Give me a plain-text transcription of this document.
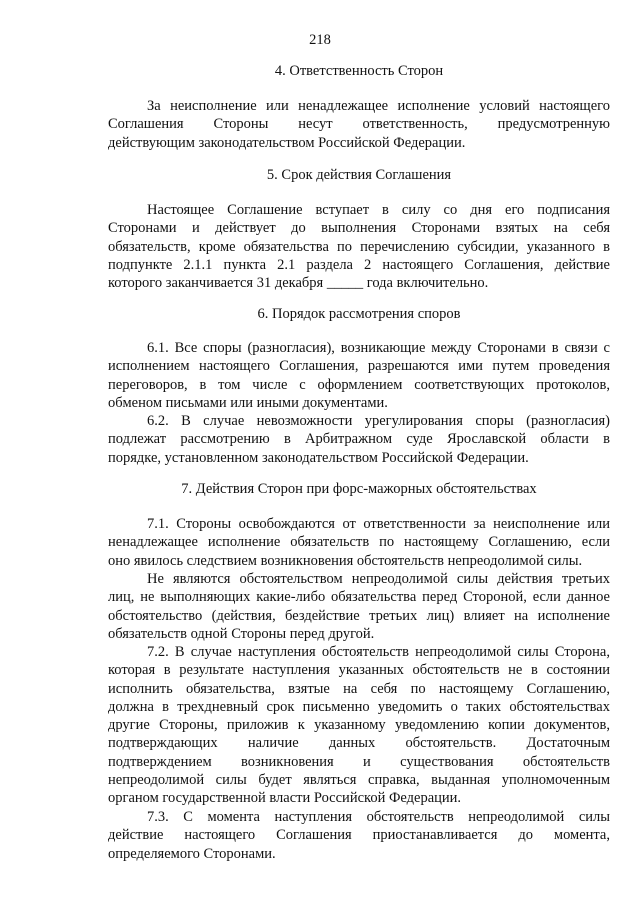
218
4. Ответственность Сторон
За неисполнение или ненадлежащее исполнение условий настоящего
Соглашения Стороны несут ответственность, предусмотренную
действующим законодательством Российской Федерации.
5. Срок действия Соглашения
Настоящее Соглашение вступает в силу со дня его подписания
Сторонами и действует до выполнения Сторонами взятых на себя
обязательств, кроме обязательства по перечислению субсидии, указанного в
подпункте 2.1.1 пункта 2.1 раздела 2 настоящего Соглашения, действие
которого заканчивается 31 декабря _____ года включительно.
6. Порядок рассмотрения споров
6.1. Все споры (разногласия), возникающие между Сторонами в связи с
исполнением настоящего Соглашения, разрешаются ими путем проведения
переговоров, в том числе с оформлением соответствующих протоколов,
обменом письмами или иными документами.
6.2. В случае невозможности урегулирования споры (разногласия)
подлежат рассмотрению в Арбитражном суде Ярославской области в
порядке, установленном законодательством Российской Федерации.
7. Действия Сторон при форс-мажорных обстоятельствах
7.1. Стороны освобождаются от ответственности за неисполнение или
ненадлежащее исполнение обязательств по настоящему Соглашению, если
оно явилось следствием возникновения обстоятельств непреодолимой силы.
Не являются обстоятельством непреодолимой силы действия третьих
лиц, не выполняющих какие-либо обязательства перед Стороной, если данное
обстоятельство (действия, бездействие третьих лиц) влияет на исполнение
обязательств одной Стороны перед другой.
7.2. В случае наступления обстоятельств непреодолимой силы Сторона,
которая в результате наступления указанных обстоятельств не в состоянии
исполнить обязательства, взятые на себя по настоящему Соглашению,
должна в трехдневный срок письменно уведомить о таких обстоятельствах
другие Стороны, приложив к указанному уведомлению копии документов,
подтверждающих наличие данных обстоятельств. Достаточным
подтверждением возникновения и существования обстоятельств
непреодолимой силы будет являться справка, выданная уполномоченным
органом государственной власти Российской Федерации.
7.3. С момента наступления обстоятельств непреодолимой силы
действие настоящего Соглашения приостанавливается до момента,
определяемого Сторонами.
